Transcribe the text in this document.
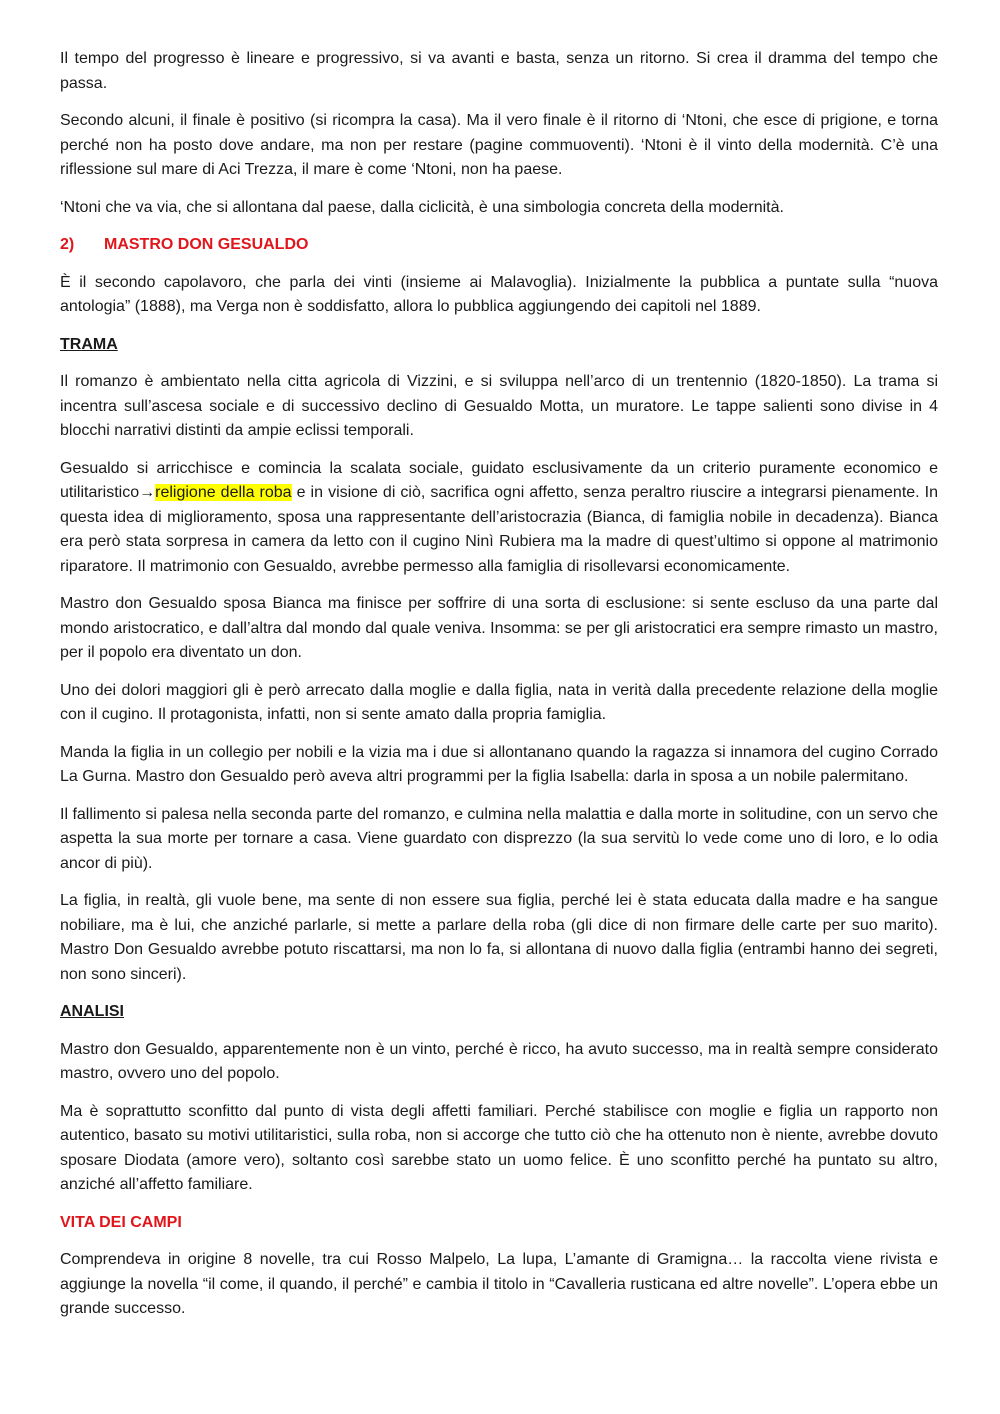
Il tempo del progresso è lineare e progressivo, si va avanti e basta, senza un ritorno. Si crea il dramma del tempo che passa.

Secondo alcuni, il finale è positivo (si ricompra la casa). Ma il vero finale è il ritorno di ‘Ntoni, che esce di prigione, e torna perché non ha posto dove andare, ma non per restare (pagine commuoventi). ‘Ntoni è il vinto della modernità. C’è una riflessione sul mare di Aci Trezza, il mare è come ‘Ntoni, non ha paese.

‘Ntoni che va via, che si allontana dal paese, dalla ciclicità, è una simbologia concreta della modernità.

2) MASTRO DON GESUALDO

È il secondo capolavoro, che parla dei vinti (insieme ai Malavoglia). Inizialmente la pubblica a puntate sulla “nuova antologia” (1888), ma Verga non è soddisfatto, allora lo pubblica aggiungendo dei capitoli nel 1889.

TRAMA

Il romanzo è ambientato nella citta agricola di Vizzini, e si sviluppa nell’arco di un trentennio (1820-1850). La trama si incentra sull’ascesa sociale e di successivo declino di Gesualdo Motta, un muratore. Le tappe salienti sono divise in 4 blocchi narrativi distinti da ampie eclissi temporali.

Gesualdo si arricchisce e comincia la scalata sociale, guidato esclusivamente da un criterio puramente economico e utilitaristico→religione della roba e in visione di ciò, sacrifica ogni affetto, senza peraltro riuscire a integrarsi pienamente. In questa idea di miglioramento, sposa una rappresentante dell’aristocrazia (Bianca, di famiglia nobile in decadenza). Bianca era però stata sorpresa in camera da letto con il cugino Ninì Rubiera ma la madre di quest’ultimo si oppone al matrimonio riparatore. Il matrimonio con Gesualdo, avrebbe permesso alla famiglia di risollevarsi economicamente.

Mastro don Gesualdo sposa Bianca ma finisce per soffrire di una sorta di esclusione: si sente escluso da una parte dal mondo aristocratico, e dall’altra dal mondo dal quale veniva. Insomma: se per gli aristocratici era sempre rimasto un mastro, per il popolo era diventato un don.

Uno dei dolori maggiori gli è però arrecato dalla moglie e dalla figlia, nata in verità dalla precedente relazione della moglie con il cugino. Il protagonista, infatti, non si sente amato dalla propria famiglia.

Manda la figlia in un collegio per nobili e la vizia ma i due si allontanano quando la ragazza si innamora del cugino Corrado La Gurna. Mastro don Gesualdo però aveva altri programmi per la figlia Isabella: darla in sposa a un nobile palermitano.

Il fallimento si palesa nella seconda parte del romanzo, e culmina nella malattia e dalla morte in solitudine, con un servo che aspetta la sua morte per tornare a casa. Viene guardato con disprezzo (la sua servitù lo vede come uno di loro, e lo odia ancor di più).

La figlia, in realtà, gli vuole bene, ma sente di non essere sua figlia, perché lei è stata educata dalla madre e ha sangue nobiliare, ma è lui, che anziché parlarle, si mette a parlare della roba (gli dice di non firmare delle carte per suo marito). Mastro Don Gesualdo avrebbe potuto riscattarsi, ma non lo fa, si allontana di nuovo dalla figlia (entrambi hanno dei segreti, non sono sinceri).

ANALISI

Mastro don Gesualdo, apparentemente non è un vinto, perché è ricco, ha avuto successo, ma in realtà sempre considerato mastro, ovvero uno del popolo.

Ma è soprattutto sconfitto dal punto di vista degli affetti familiari. Perché stabilisce con moglie e figlia un rapporto non autentico, basato su motivi utilitaristici, sulla roba, non si accorge che tutto ciò che ha ottenuto non è niente, avrebbe dovuto sposare Diodata (amore vero), soltanto così sarebbe stato un uomo felice. È uno sconfitto perché ha puntato su altro, anziché all’affetto familiare.

VITA DEI CAMPI

Comprendeva in origine 8 novelle, tra cui Rosso Malpelo, La lupa, L’amante di Gramigna… la raccolta viene rivista e aggiunge la novella “il come, il quando, il perché” e cambia il titolo in “Cavalleria rusticana ed altre novelle”. L’opera ebbe un grande successo.
